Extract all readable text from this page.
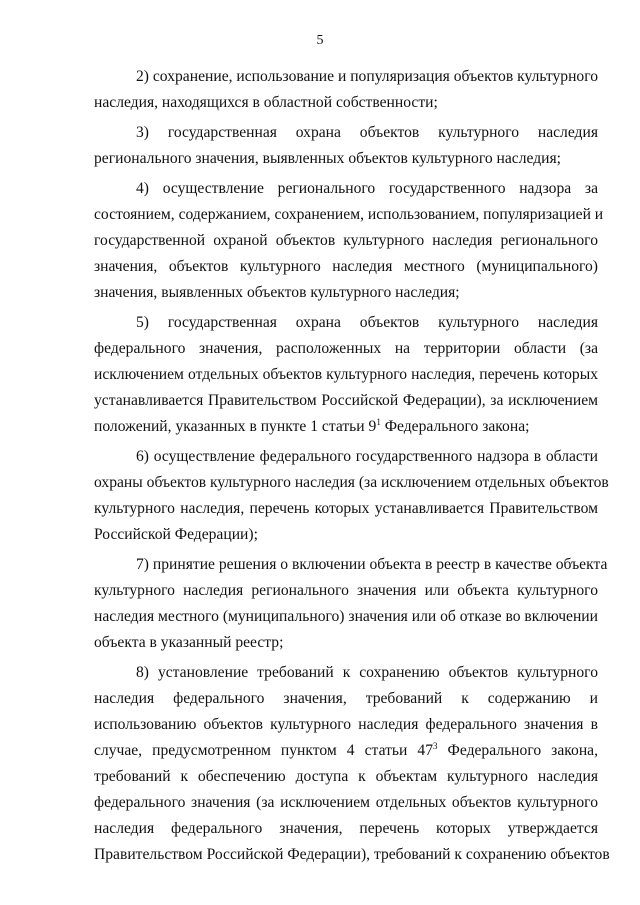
5
2) сохранение, использование и популяризация объектов культурного
наследия, находящихся в областной собственности;
3) государственная охрана объектов культурного наследия
регионального значения, выявленных объектов культурного наследия;
4) осуществление регионального государственного надзора за
состоянием, содержанием, сохранением, использованием, популяризацией и
государственной охраной объектов культурного наследия регионального
значения, объектов культурного наследия местного (муниципального)
значения, выявленных объектов культурного наследия;
5) государственная охрана объектов культурного наследия
федерального значения, расположенных на территории области (за
исключением отдельных объектов культурного наследия, перечень которых
устанавливается Правительством Российской Федерации), за исключением
положений, указанных в пункте 1 статьи $9^1$ Федерального закона;
6) осуществление федерального государственного надзора в области
охраны объектов культурного наследия (за исключением отдельных объектов
культурного наследия, перечень которых устанавливается Правительством
Российской Федерации);
7) принятие решения о включении объекта в реестр в качестве объекта
культурного наследия регионального значения или объекта культурного
наследия местного (муниципального) значения или об отказе во включении
объекта в указанный реестр;
8) установление требований к сохранению объектов культурного
наследия федерального значения, требований к содержанию и
использованию объектов культурного наследия федерального значения в
случае, предусмотренном пунктом 4 статьи $47^3$ Федерального закона,
требований к обеспечению доступа к объектам культурного наследия
федерального значения (за исключением отдельных объектов культурного
наследия федерального значения, перечень которых утверждается
Правительством Российской Федерации), требований к сохранению объектов
